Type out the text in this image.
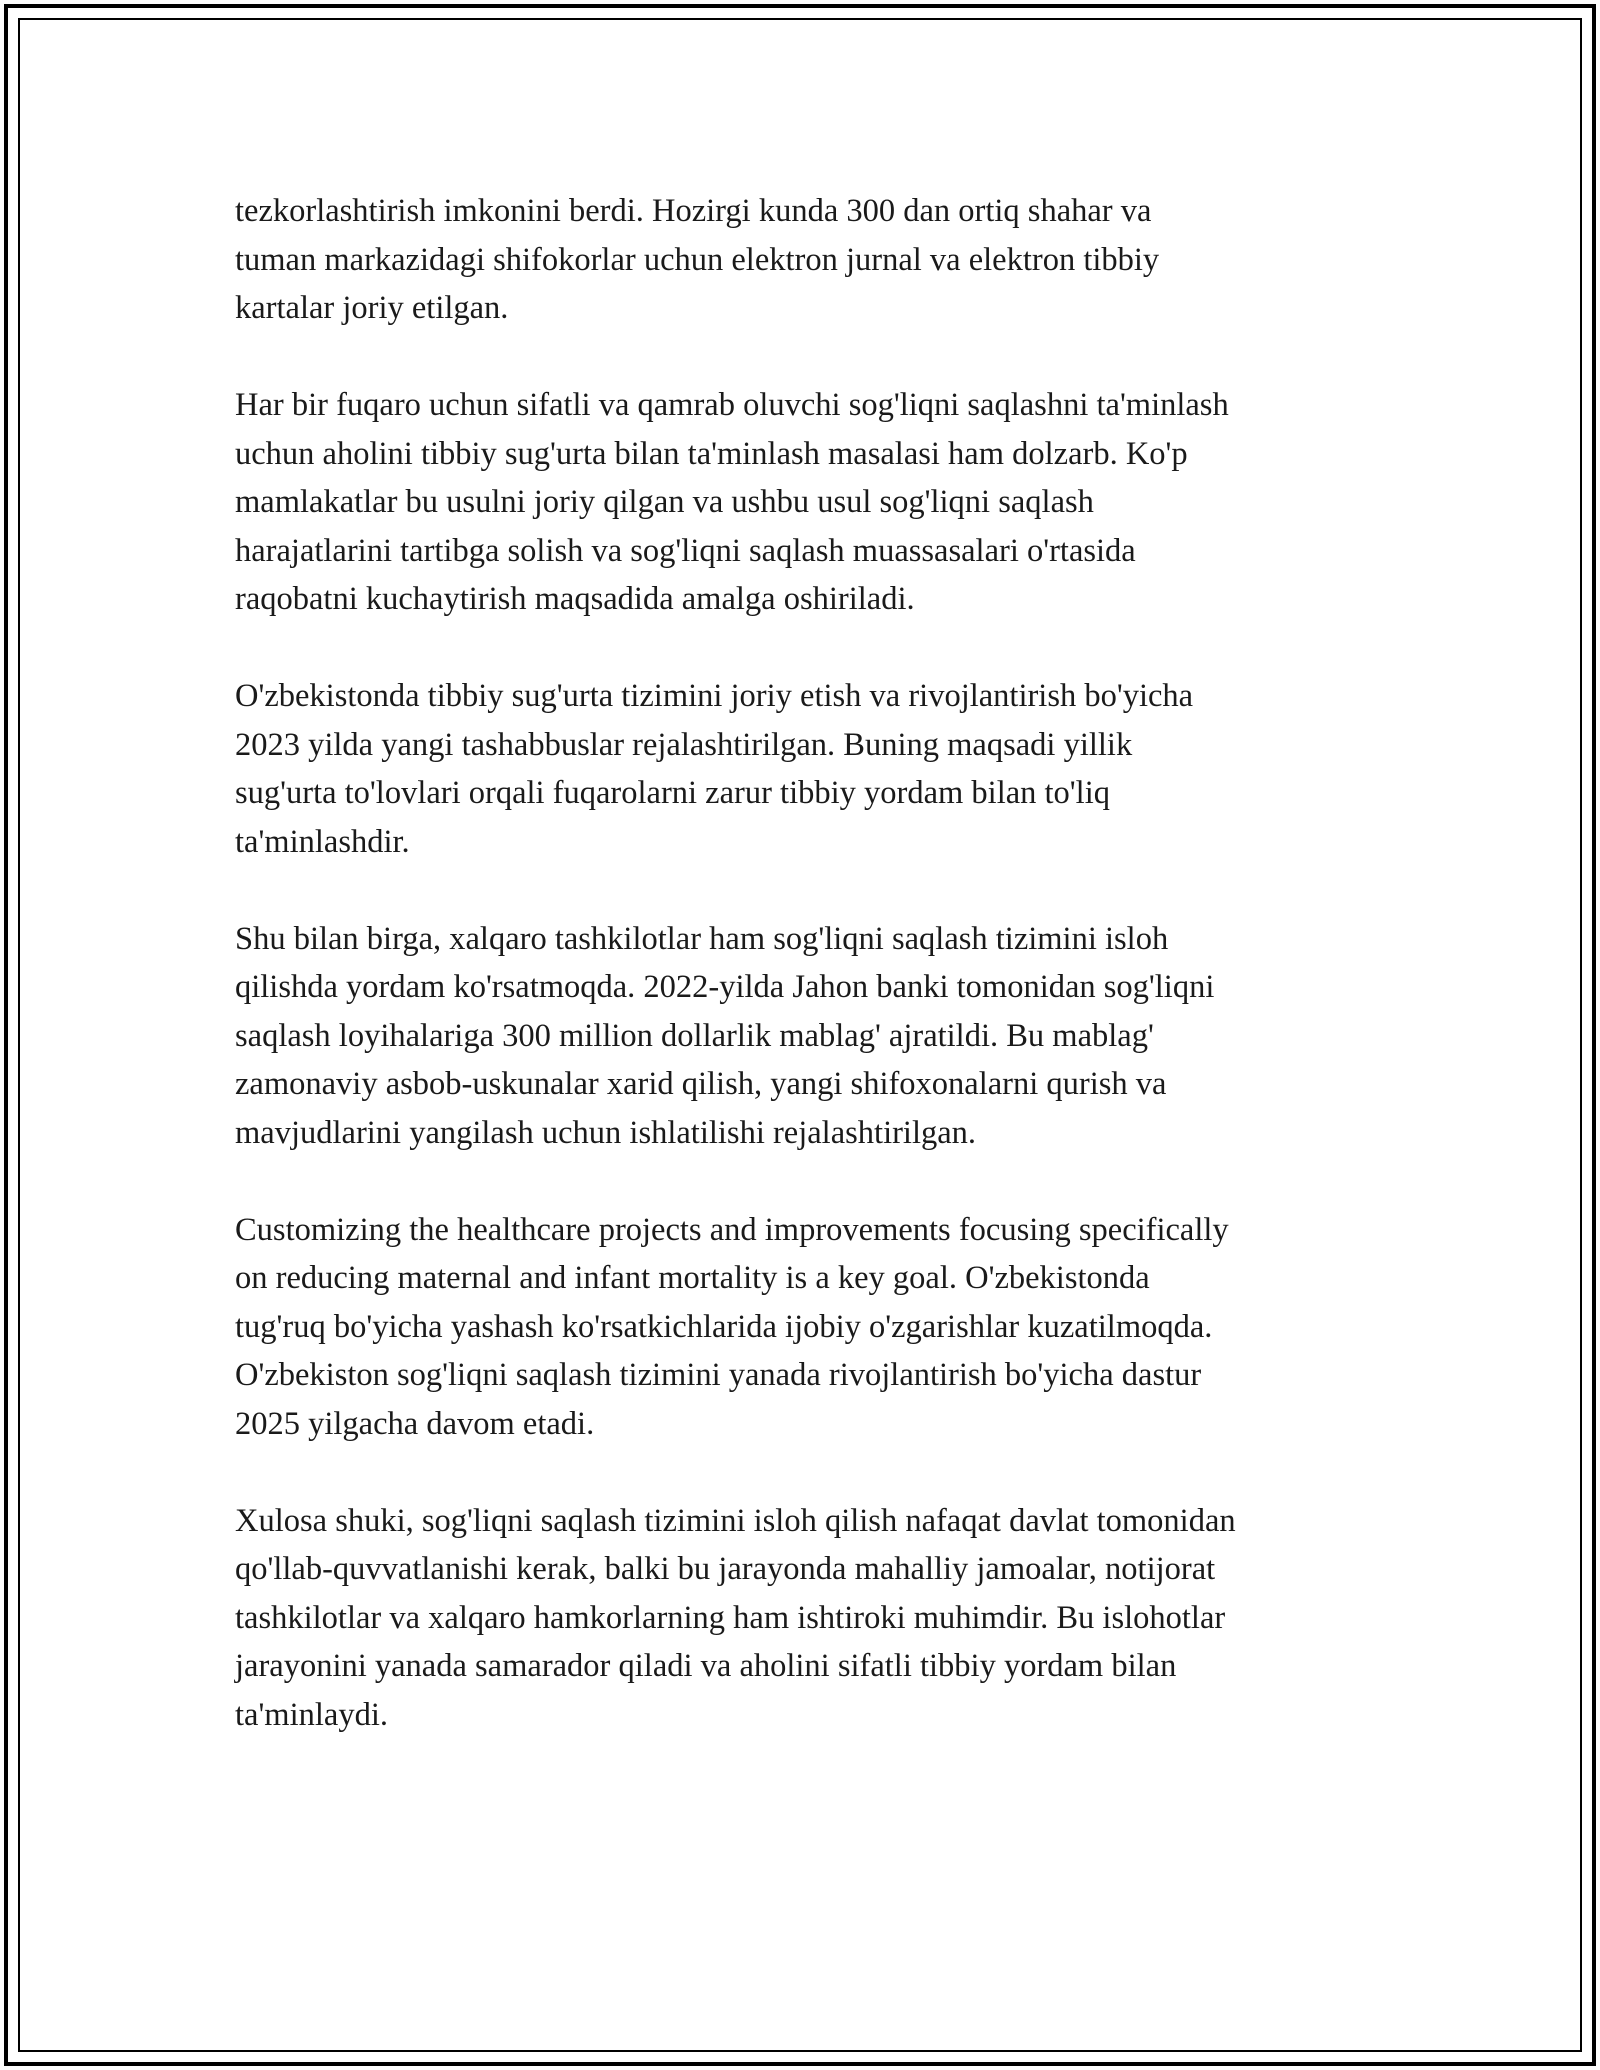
tezkorlashtirish imkonini berdi. Hozirgi kunda 300 dan ortiq shahar va
tuman markazidagi shifokorlar uchun elektron jurnal va elektron tibbiy
kartalar joriy etilgan.

Har bir fuqaro uchun sifatli va qamrab oluvchi sog'liqni saqlashni ta'minlash
uchun aholini tibbiy sug'urta bilan ta'minlash masalasi ham dolzarb. Ko'p
mamlakatlar bu usulni joriy qilgan va ushbu usul sog'liqni saqlash
harajatlarini tartibga solish va sog'liqni saqlash muassasalari o'rtasida
raqobatni kuchaytirish maqsadida amalga oshiriladi.

O'zbekistonda tibbiy sug'urta tizimini joriy etish va rivojlantirish bo'yicha
2023 yilda yangi tashabbuslar rejalashtirilgan. Buning maqsadi yillik
sug'urta to'lovlari orqali fuqarolarni zarur tibbiy yordam bilan to'liq
ta'minlashdir.

Shu bilan birga, xalqaro tashkilotlar ham sog'liqni saqlash tizimini isloh
qilishda yordam ko'rsatmoqda. 2022-yilda Jahon banki tomonidan sog'liqni
saqlash loyihalariga 300 million dollarlik mablag' ajratildi. Bu mablag'
zamonaviy asbob-uskunalar xarid qilish, yangi shifoxonalarni qurish va
mavjudlarini yangilash uchun ishlatilishi rejalashtirilgan.

Customizing the healthcare projects and improvements focusing specifically
on reducing maternal and infant mortality is a key goal. O'zbekistonda
tug'ruq bo'yicha yashash ko'rsatkichlarida ijobiy o'zgarishlar kuzatilmoqda.
O'zbekiston sog'liqni saqlash tizimini yanada rivojlantirish bo'yicha dastur
2025 yilgacha davom etadi.

Xulosa shuki, sog'liqni saqlash tizimini isloh qilish nafaqat davlat tomonidan
qo'llab-quvvatlanishi kerak, balki bu jarayonda mahalliy jamoalar, notijorat
tashkilotlar va xalqaro hamkorlarning ham ishtiroki muhimdir. Bu islohotlar
jarayonini yanada samarador qiladi va aholini sifatli tibbiy yordam bilan
ta'minlaydi.
